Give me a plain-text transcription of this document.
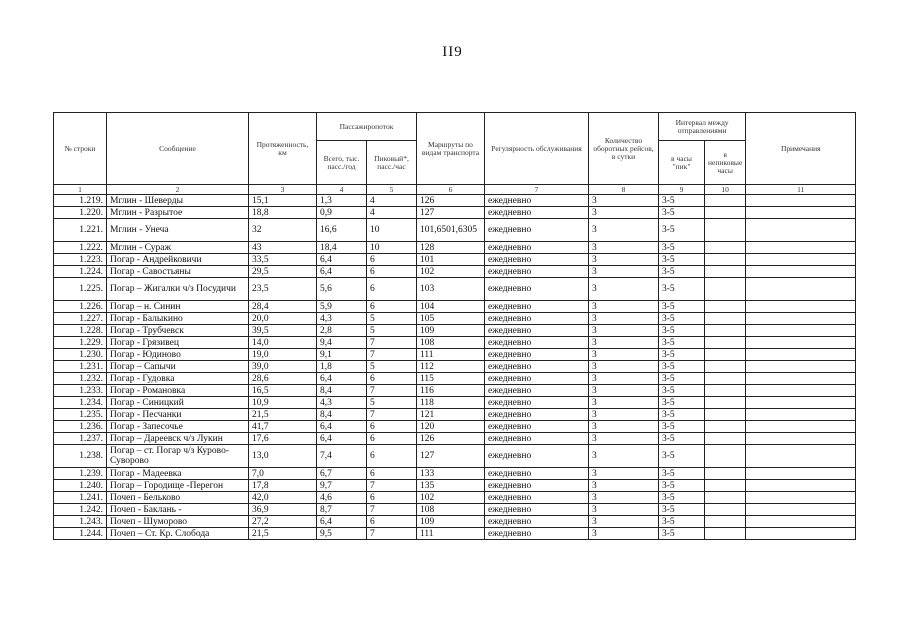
II9
№ строки	Сообщение	Протяженность, км	Пассажиропоток		Маршруты по видам транспорта	Регулярность обслуживания	Количество оборотных рейсов, в сутки	Интервал между отправлениями		Примечания
			Всего, тыс. пасс./год	Пиковый*, пасс./час				в часы "пик"	в непиковые часы	
1	2	3	4	5	6	7	8	9	10	11
1.219.	Мглин - Шеверды	15,1	1,3	4	126	ежедневно	3	3-5		
1.220.	Мглин - Разрытое	18,8	0,9	4	127	ежедневно	3	3-5		
1.221.	Мглин - Унеча	32	16,6	10	101,6501,6305	ежедневно	3	3-5		
1.222.	Мглин - Сураж	43	18,4	10	128	ежедневно	3	3-5		
1.223.	Погар - Андрейковичи	33,5	6,4	6	101	ежедневно	3	3-5		
1.224.	Погар - Савостьяны	29,5	6,4	6	102	ежедневно	3	3-5		
1.225.	Погар – Жигалки ч/з Посудичи	23,5	5,6	6	103	ежедневно	3	3-5		
1.226.	Погар – н. Синин	28,4	5,9	6	104	ежедневно	3	3-5		
1.227.	Погар - Балыкино	20,0	4,3	5	105	ежедневно	3	3-5		
1.228.	Погар - Трубчевск	39,5	2,8	5	109	ежедневно	3	3-5		
1.229.	Погар - Грязивец	14,0	9,4	7	108	ежедневно	3	3-5		
1.230.	Погар - Юдиново	19,0	9,1	7	111	ежедневно	3	3-5		
1.231.	Погар – Сапычи	39,0	1,8	5	112	ежедневно	3	3-5		
1.232.	Погар - Гудовка	28,6	6,4	6	115	ежедневно	3	3-5		
1.233.	Погар - Романовка	16,5	8,4	7	116	ежедневно	3	3-5		
1.234.	Погар - Синицкий	10,9	4,3	5	118	ежедневно	3	3-5		
1.235.	Погар - Песчанки	21,5	8,4	7	121	ежедневно	3	3-5		
1.236.	Погар - Запесочье	41,7	6,4	6	120	ежедневно	3	3-5		
1.237.	Погар – Дареевск ч/з Лукин	17,6	6,4	6	126	ежедневно	3	3-5		
1.238.	Погар – ст. Погар ч/з Курово-Суворово	13,0	7,4	6	127	ежедневно	3	3-5		
1.239.	Погар - Мадеевка	7,0	6,7	6	133	ежедневно	3	3-5		
1.240.	Погар – Городище -Перегон	17,8	9,7	7	135	ежедневно	3	3-5		
1.241.	Почеп - Бельково	42,0	4,6	6	102	ежедневно	3	3-5		
1.242.	Почеп - Баклань -	36,9	8,7	7	108	ежедневно	3	3-5		
1.243.	Почеп - Шуморово	27,2	6,4	6	109	ежедневно	3	3-5		
1.244.	Почеп – Ст. Кр. Слобода	21,5	9,5	7	111	ежедневно	3	3-5		
